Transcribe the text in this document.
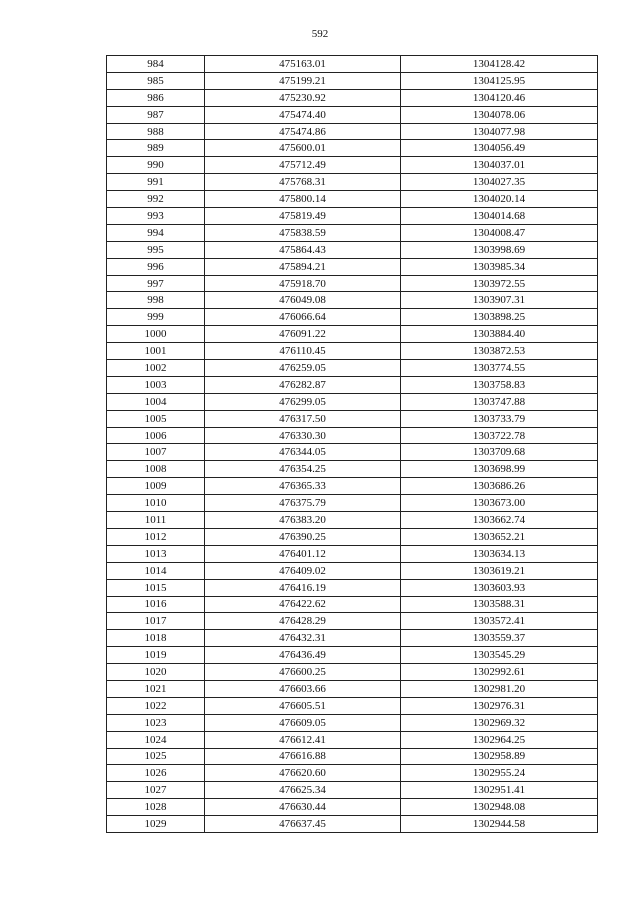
592
984	475163.01	1304128.42
985	475199.21	1304125.95
986	475230.92	1304120.46
987	475474.40	1304078.06
988	475474.86	1304077.98
989	475600.01	1304056.49
990	475712.49	1304037.01
991	475768.31	1304027.35
992	475800.14	1304020.14
993	475819.49	1304014.68
994	475838.59	1304008.47
995	475864.43	1303998.69
996	475894.21	1303985.34
997	475918.70	1303972.55
998	476049.08	1303907.31
999	476066.64	1303898.25
1000	476091.22	1303884.40
1001	476110.45	1303872.53
1002	476259.05	1303774.55
1003	476282.87	1303758.83
1004	476299.05	1303747.88
1005	476317.50	1303733.79
1006	476330.30	1303722.78
1007	476344.05	1303709.68
1008	476354.25	1303698.99
1009	476365.33	1303686.26
1010	476375.79	1303673.00
1011	476383.20	1303662.74
1012	476390.25	1303652.21
1013	476401.12	1303634.13
1014	476409.02	1303619.21
1015	476416.19	1303603.93
1016	476422.62	1303588.31
1017	476428.29	1303572.41
1018	476432.31	1303559.37
1019	476436.49	1303545.29
1020	476600.25	1302992.61
1021	476603.66	1302981.20
1022	476605.51	1302976.31
1023	476609.05	1302969.32
1024	476612.41	1302964.25
1025	476616.88	1302958.89
1026	476620.60	1302955.24
1027	476625.34	1302951.41
1028	476630.44	1302948.08
1029	476637.45	1302944.58
